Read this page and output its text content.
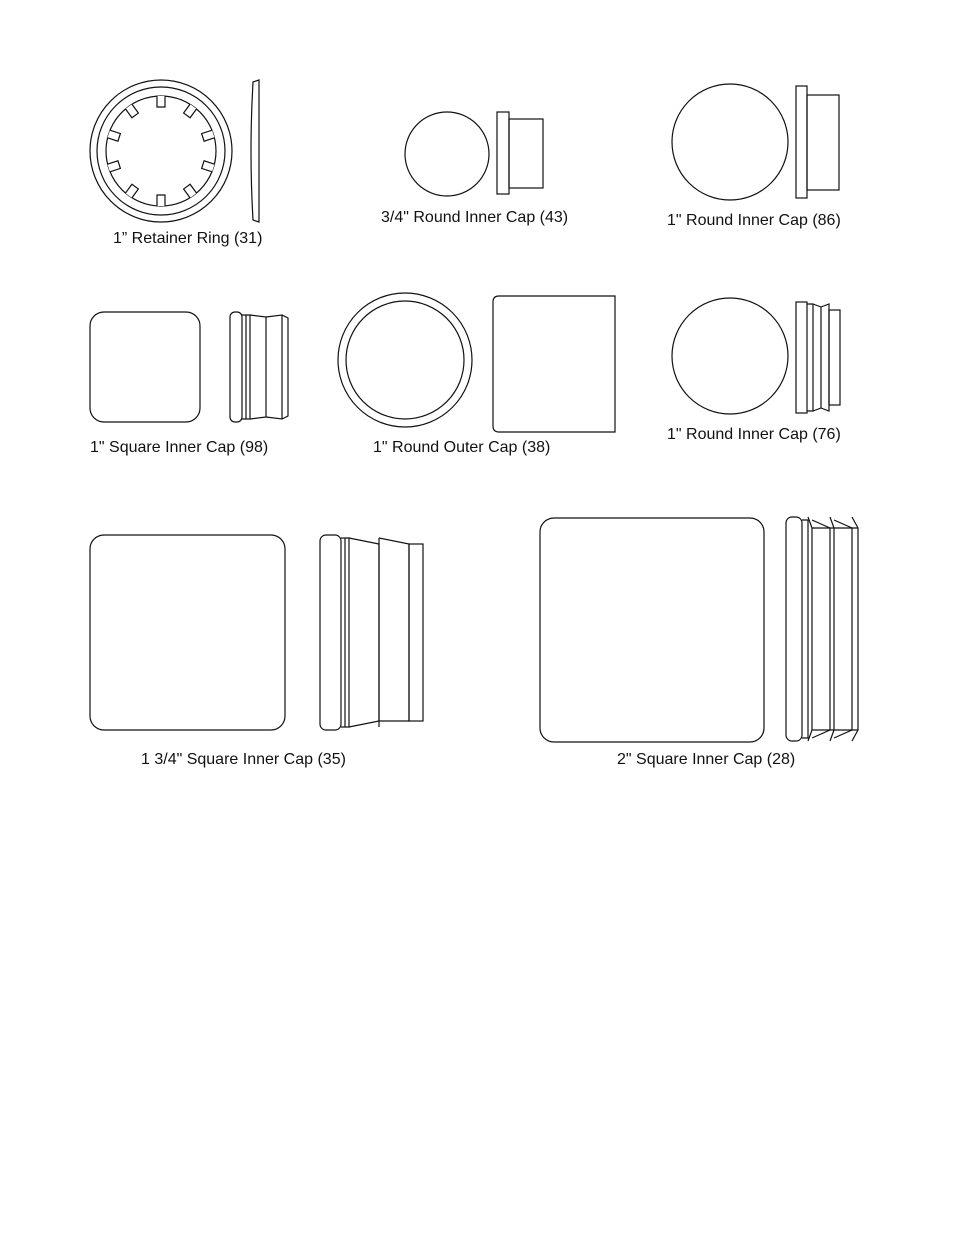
1” Retainer Ring (31)
3/4" Round Inner Cap (43)	1" Round Inner Cap (86)
1" Square Inner Cap (98)	1" Round Outer Cap (38)
1" Round Inner Cap (76)
1 3/4" Square Inner Cap (35)	2" Square Inner Cap (28)
